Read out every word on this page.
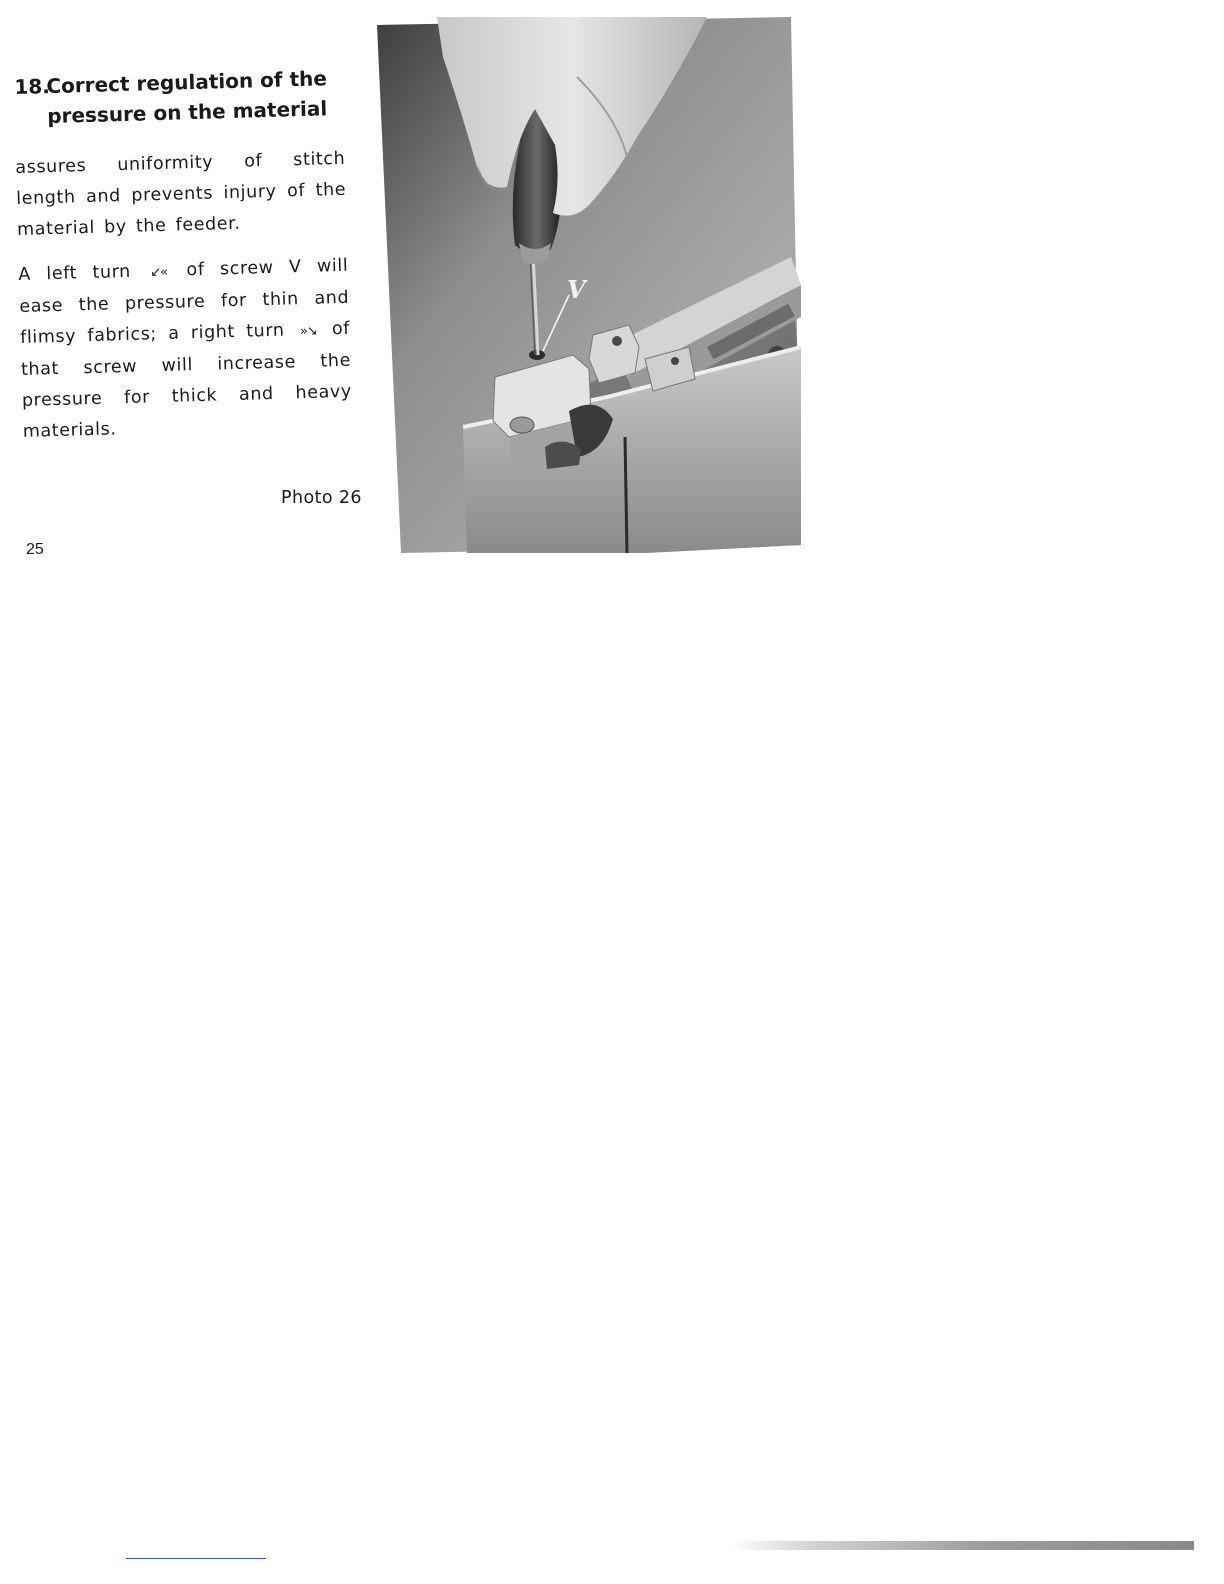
18.Correct regulation of the
pressure on the material

assures uniformity of stitch length and prevents injury of the material by the feeder.

A left turn ↙« of screw V will ease the pressure for thin and flimsy fabrics; a right turn »↘ of that screw will increase the pressure for thick and heavy materials.

Photo 26
25
V
